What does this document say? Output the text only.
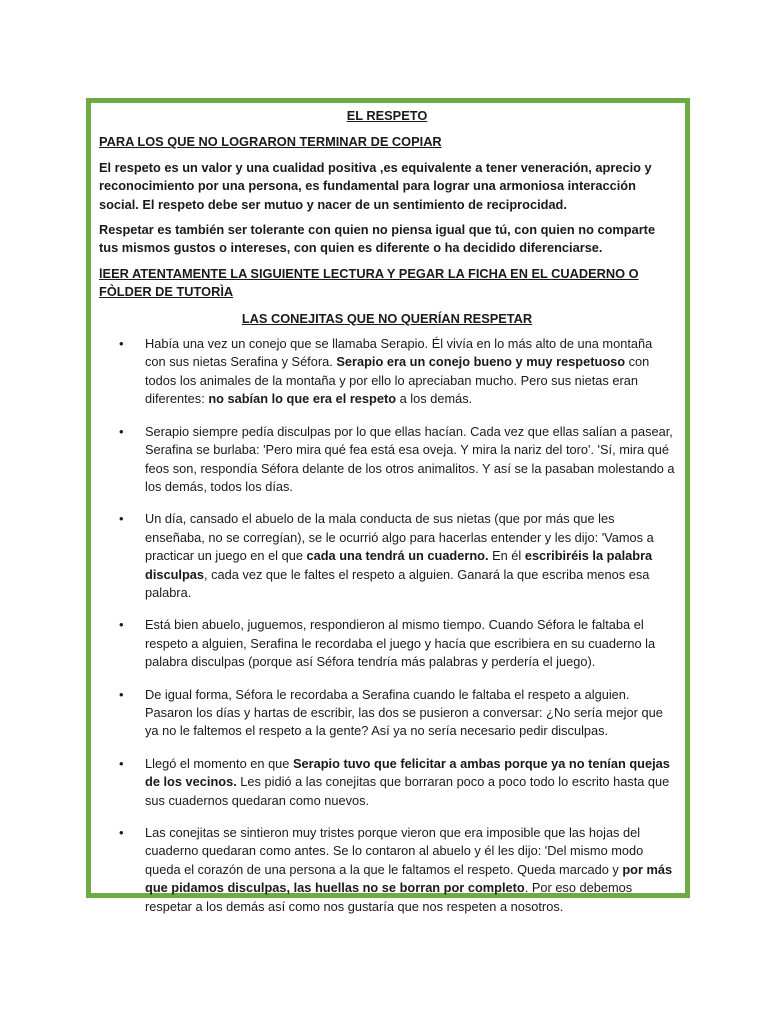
EL RESPETO
PARA LOS QUE NO LOGRARON TERMINAR DE COPIAR

El respeto es un valor y una cualidad positiva ,es equivalente a tener veneración, aprecio y reconocimiento por una persona, es fundamental para lograr una armoniosa interacción social. El respeto debe ser mutuo y nacer de un sentimiento de reciprocidad.

Respetar es también ser tolerante con quien no piensa igual que tú, con quien no comparte tus mismos gustos o intereses, con quien es diferente o ha decidido diferenciarse.

lEER ATENTAMENTE LA SIGUIENTE LECTURA Y PEGAR LA FICHA EN EL CUADERNO O FÒLDER DE TUTORÌA
LAS CONEJITAS QUE NO QUERÍAN RESPETAR
• Había una vez un conejo que se llamaba Serapio. Él vivía en lo más alto de una montaña con sus nietas Serafina y Séfora. Serapio era un conejo bueno y muy respetuoso con todos los animales de la montaña y por ello lo apreciaban mucho. Pero sus nietas eran diferentes: no sabían lo que era el respeto a los demás.
• Serapio siempre pedía disculpas por lo que ellas hacían. Cada vez que ellas salían a pasear, Serafina se burlaba: 'Pero mira qué fea está esa oveja. Y mira la nariz del toro'. 'Sí, mira qué feos son, respondía Séfora delante de los otros animalitos. Y así se la pasaban molestando a los demás, todos los días.
• Un día, cansado el abuelo de la mala conducta de sus nietas (que por más que les enseñaba, no se corregían), se le ocurrió algo para hacerlas entender y les dijo: 'Vamos a practicar un juego en el que cada una tendrá un cuaderno. En él escribiréis la palabra disculpas, cada vez que le faltes el respeto a alguien. Ganará la que escriba menos esa palabra.
• Está bien abuelo, juguemos, respondieron al mismo tiempo. Cuando Séfora le faltaba el respeto a alguien, Serafina le recordaba el juego y hacía que escribiera en su cuaderno la palabra disculpas (porque así Séfora tendría más palabras y perdería el juego).
• De igual forma, Séfora le recordaba a Serafina cuando le faltaba el respeto a alguien. Pasaron los días y hartas de escribir, las dos se pusieron a conversar: ¿No sería mejor que ya no le faltemos el respeto a la gente? Así ya no sería necesario pedir disculpas.
• Llegó el momento en que Serapio tuvo que felicitar a ambas porque ya no tenían quejas de los vecinos. Les pidió a las conejitas que borraran poco a poco todo lo escrito hasta que sus cuadernos quedaran como nuevos.
• Las conejitas se sintieron muy tristes porque vieron que era imposible que las hojas del cuaderno quedaran como antes. Se lo contaron al abuelo y él les dijo: 'Del mismo modo queda el corazón de una persona a la que le faltamos el respeto. Queda marcado y por más que pidamos disculpas, las huellas no se borran por completo. Por eso debemos respetar a los demás así como nos gustaría que nos respeten a nosotros.
